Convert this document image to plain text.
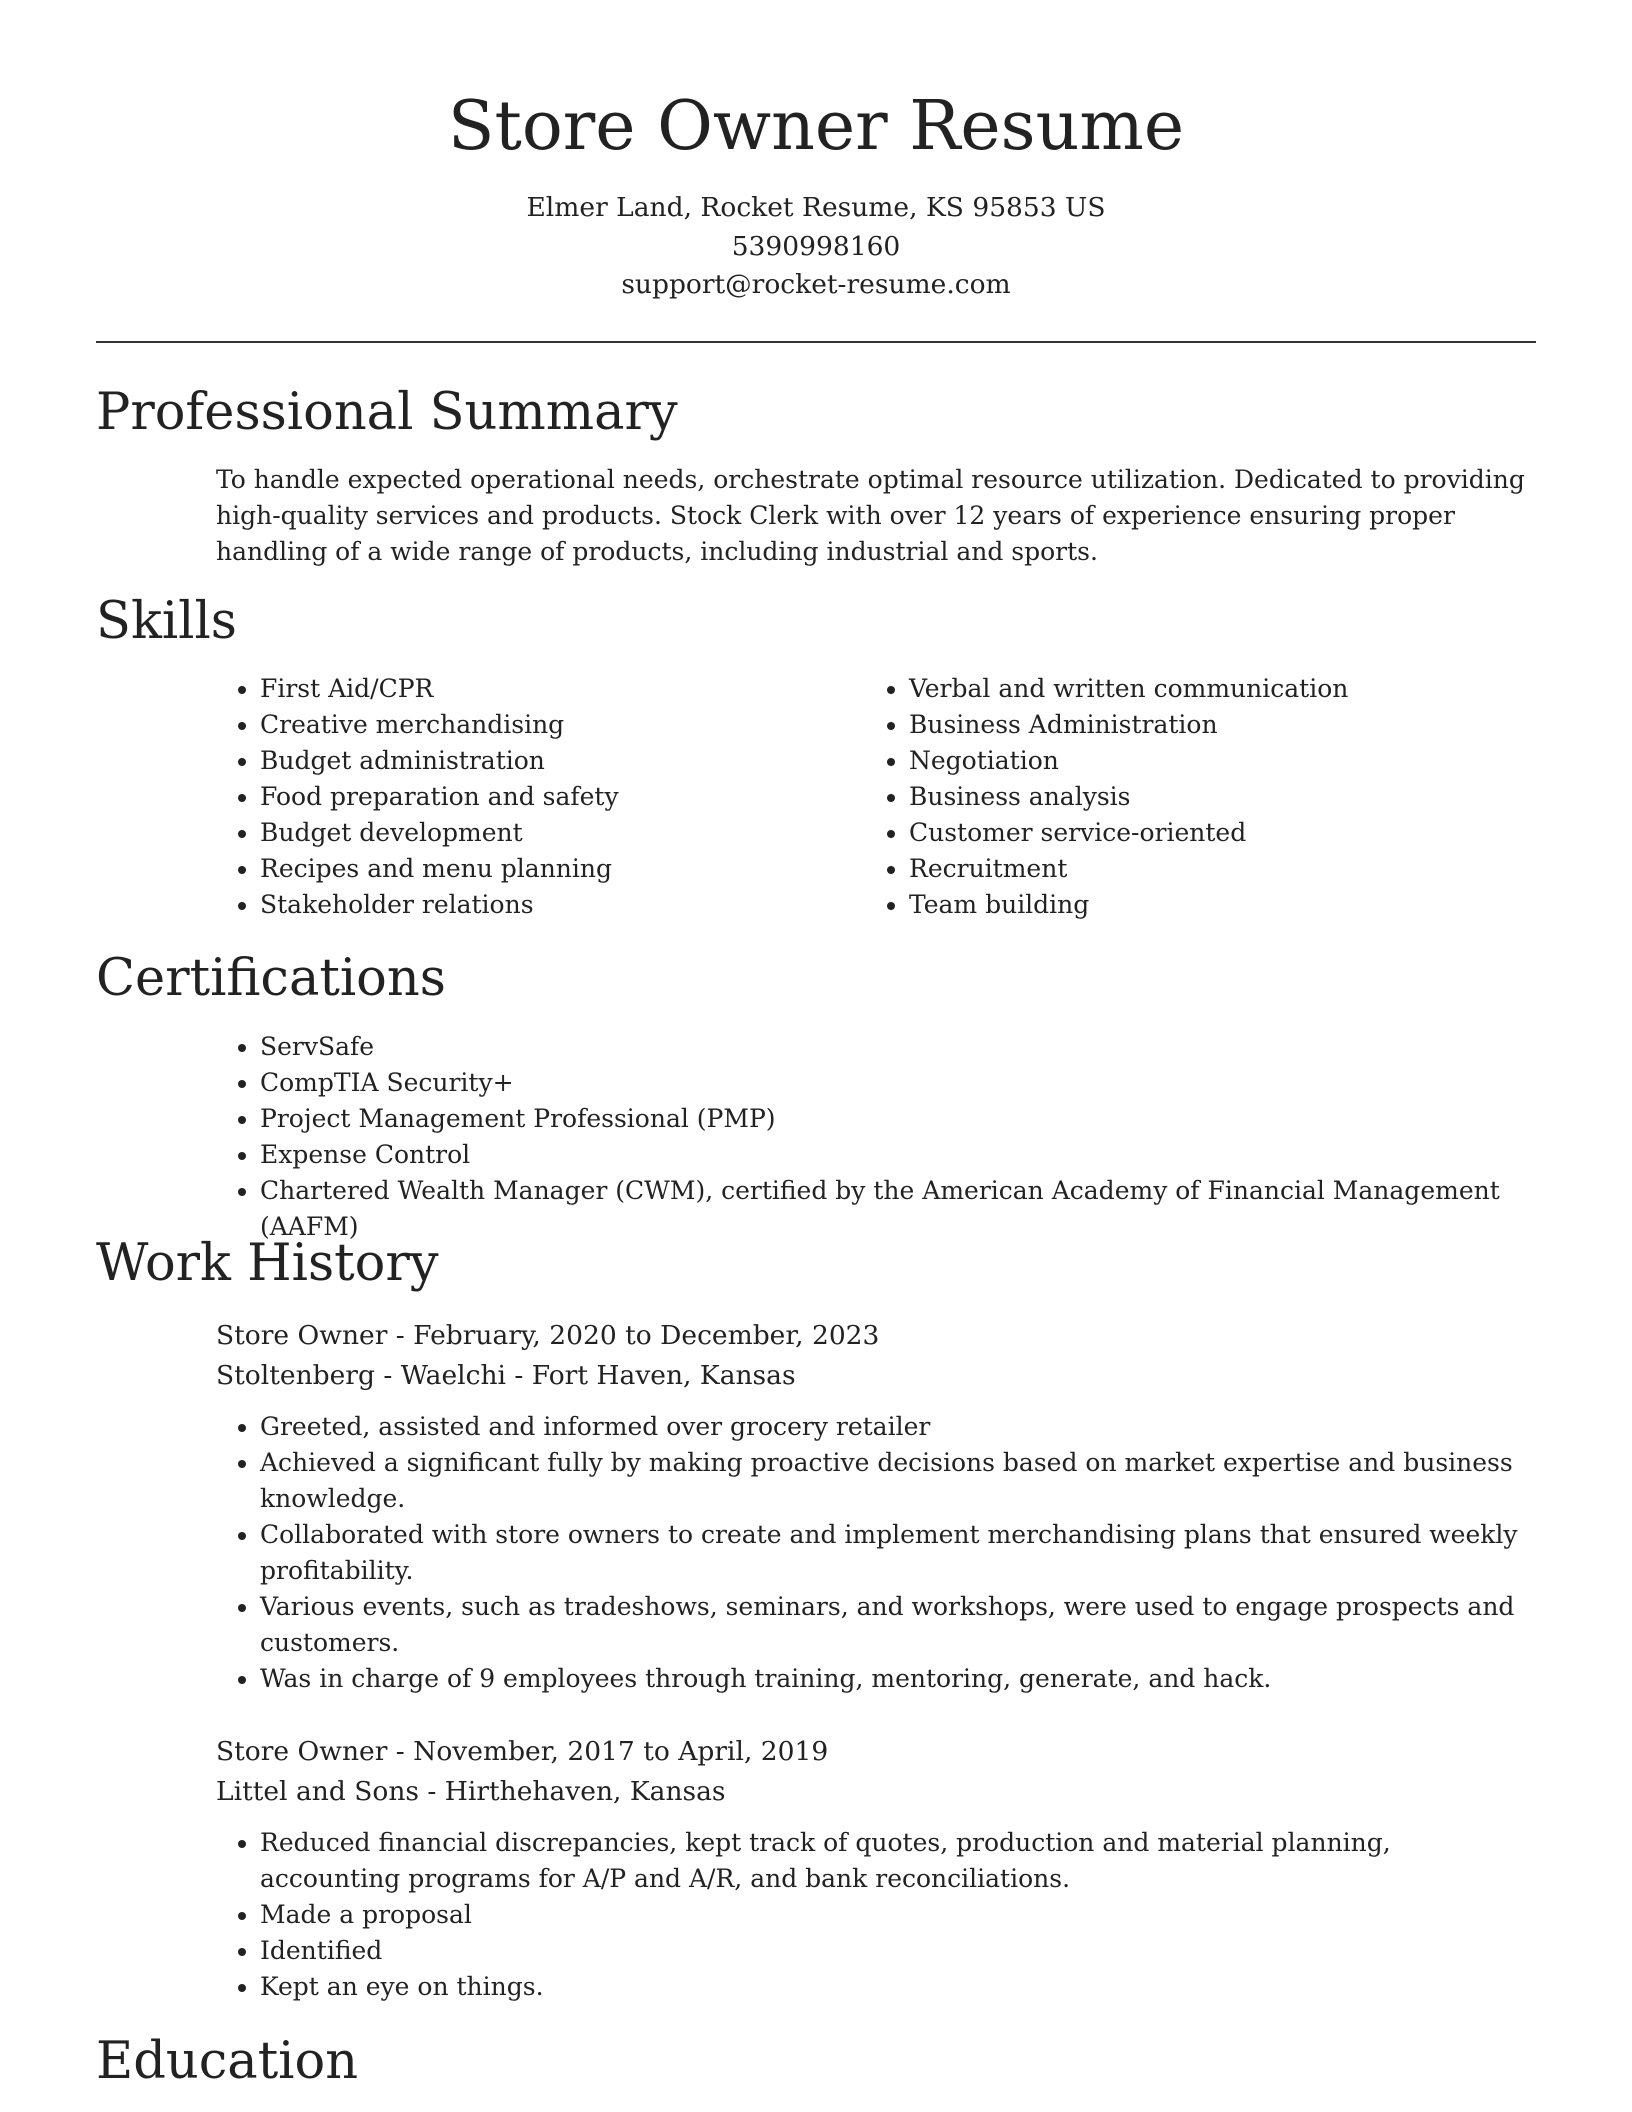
Store Owner Resume

Elmer Land, Rocket Resume, KS 95853 US

5390998160

support@rocket-resume.com

Professional Summary

To handle expected operational needs, orchestrate optimal resource utilization. Dedicated to providing high-quality services and products. Stock Clerk with over 12 years of experience ensuring proper handling of a wide range of products, including industrial and sports.

Skills
• First Aid/CPR
• Creative merchandising
• Budget administration
• Food preparation and safety
• Budget development
• Recipes and menu planning
• Stakeholder relations
• Verbal and written communication
• Business Administration
• Negotiation
• Business analysis
• Customer service-oriented
• Recruitment
• Team building
Certifications
• ServSafe
• CompTIA Security+
• Project Management Professional (PMP)
• Expense Control
• Chartered Wealth Manager (CWM), certified by the American Academy of Financial Management (AAFM)
Work History

Store Owner - February, 2020 to December, 2023

Stoltenberg - Waelchi - Fort Haven, Kansas

• Greeted, assisted and informed over grocery retailer
• Achieved a significant fully by making proactive decisions based on market expertise and business knowledge.
• Collaborated with store owners to create and implement merchandising plans that ensured weekly profitability.
• Various events, such as tradeshows, seminars, and workshops, were used to engage prospects and customers.
• Was in charge of 9 employees through training, mentoring, generate, and hack.

Store Owner - November, 2017 to April, 2019

Littel and Sons - Hirthehaven, Kansas

• Reduced financial discrepancies, kept track of quotes, production and material planning, accounting programs for A/P and A/R, and bank reconciliations.
• Made a proposal
• Identified
• Kept an eye on things.
Education
